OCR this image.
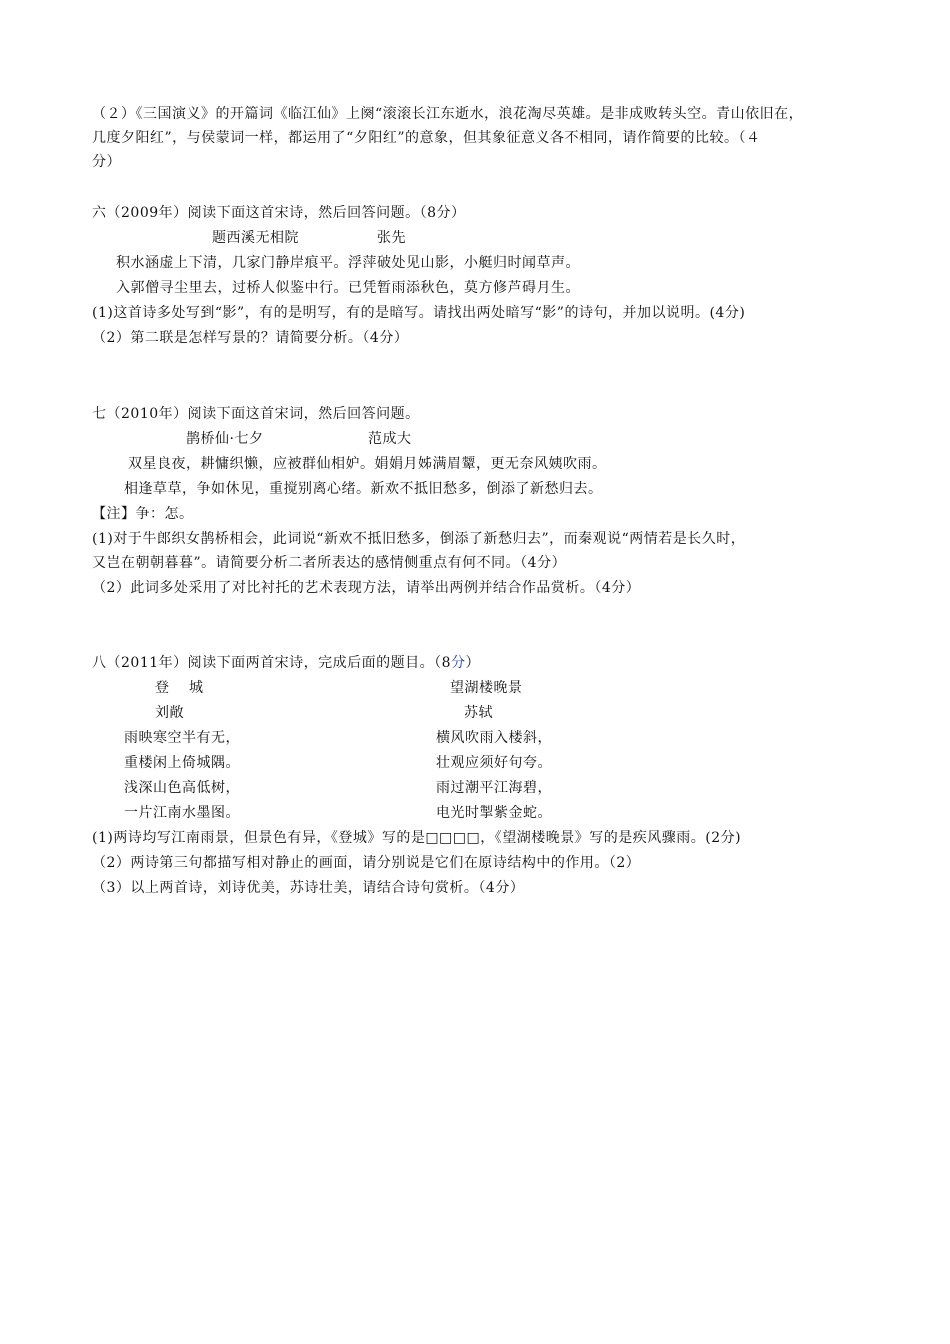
（２）《三国演义》的开篇词《临江仙》上阕“滚滚长江东逝水，浪花淘尽英雄。是非成败转头空。青山依旧在，
几度夕阳红”，与侯蒙词一样，都运用了“夕阳红”的意象，但其象征意义各不相同，请作简要的比较。（４
分）
六（2009年）阅读下面这首宋诗，然后回答问题。（8分）
题西溪无相院	张先
积水涵虚上下清，几家门静岸痕平。浮萍破处见山影，小艇归时闻草声。
入郭僧寻尘里去，过桥人似鉴中行。已凭暂雨添秋色，莫方修芦碍月生。
(1)这首诗多处写到“影”，有的是明写，有的是暗写。请找出两处暗写“影”的诗句，并加以说明。(4分)
（2）第二联是怎样写景的？请简要分析。（4分）
七（2010年）阅读下面这首宋词，然后回答问题。
鹊桥仙·七夕	范成大
双星良夜，耕慵织懒，应被群仙相妒。娟娟月姊满眉颦，更无奈风姨吹雨。
相逢草草，争如休见，重搅别离心绪。新欢不抵旧愁多，倒添了新愁归去。
【注】争：怎。
(1)对于牛郎织女鹊桥相会，此词说“新欢不抵旧愁多，倒添了新愁归去”，而秦观说“两情若是长久时，
又岂在朝朝暮暮”。请简要分析二者所表达的感情侧重点有何不同。（4分）
（2）此词多处采用了对比衬托的艺术表现方法，请举出两例并结合作品赏析。（4分）
八（2011年）阅读下面两首宋诗，完成后面的题目。（8分）
登　 城	望湖楼晚景
刘敞	苏轼
雨映寒空半有无，	横风吹雨入楼斜，
重楼闲上倚城隅。	壮观应须好句夸。
浅深山色高低树，	雨过潮平江海碧，
一片江南水墨图。	电光时掣紫金蛇。
(1)两诗均写江南雨景，但景色有异，《登城》写的是□□□□，《望湖楼晚景》写的是疾风骤雨。(2分)
（2）两诗第三句都描写相对静止的画面，请分别说是它们在原诗结构中的作用。（2）
（3）以上两首诗，刘诗优美，苏诗壮美，请结合诗句赏析。（4分）
